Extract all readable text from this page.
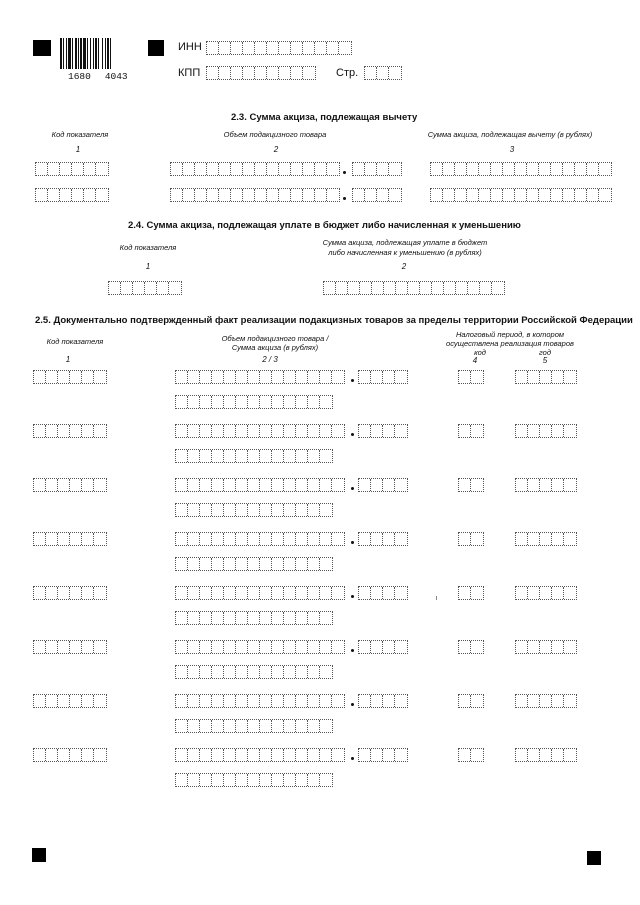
1680 4043
ИНН
КПП	Стр.
2.3. Сумма акциза, подлежащая вычету
Код показателя	Объем подакцизного товара	Сумма акциза, подлежащая вычету (в рублях)
1	2	3
2.4. Сумма акциза, подлежащая уплате в бюджет либо начисленная к уменьшению
Код показателя
Сумма акциза, подлежащая уплате в бюджет
либо начисленная к уменьшению (в рублях)
1	2
2.5. Документально подтвержденный факт реализации подакцизных товаров за пределы территории Российской Федерации
Код показателя	Объем подакцизного товара /
Сумма акциза (в рублях)
Налоговый период, в котором
осуществлена реализация товаров
код	год
1	2 / 3	4	5
